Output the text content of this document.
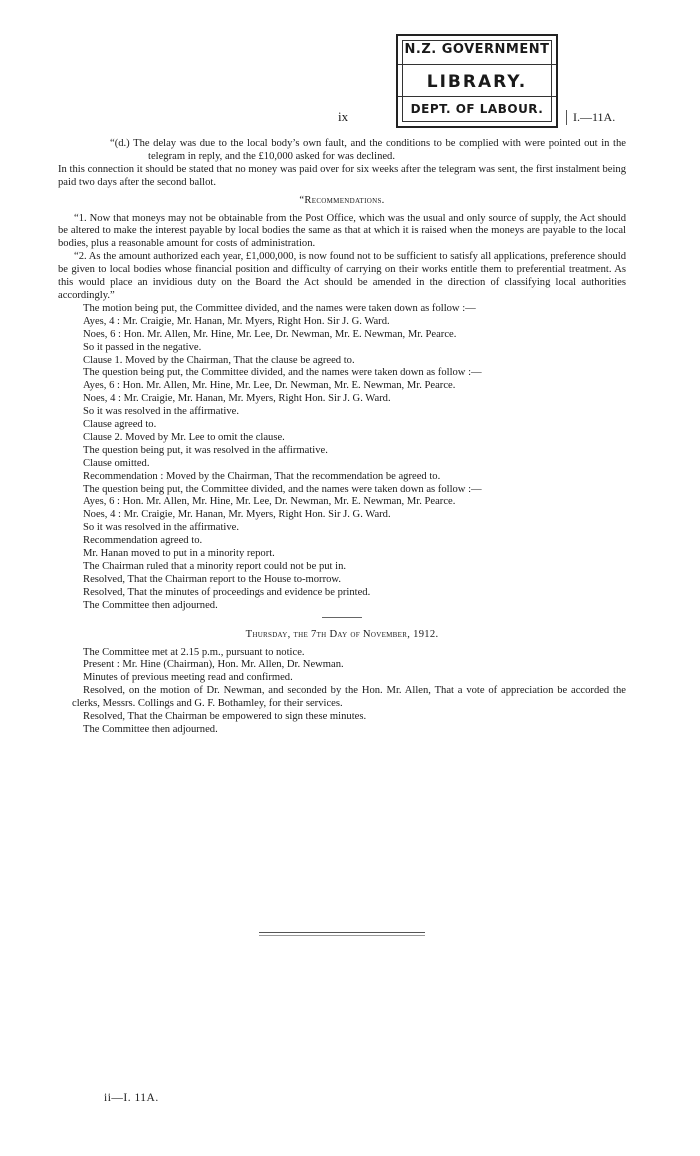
N.Z. GOVERNMENT
LIBRARY.
DEPT. OF LABOUR.
ix	I.—11A.

“(d.) The delay was due to the local body’s own fault, and the conditions to be complied with were pointed out in the telegram in reply, and the £10,000 asked for was declined.

In this connection it should be stated that no money was paid over for six weeks after the telegram was sent, the first instalment being paid two days after the second ballot.

“Recommendations.

“1. Now that moneys may not be obtainable from the Post Office, which was the usual and only source of supply, the Act should be altered to make the interest payable by local bodies the same as that at which it is raised when the moneys are payable to the local bodies, plus a reasonable amount for costs of administration.

“2. As the amount authorized each year, £1,000,000, is now found not to be sufficient to satisfy all applications, preference should be given to local bodies whose financial position and difficulty of carrying on their works entitle them to preferential treatment. As this would place an invidious duty on the Board the Act should be amended in the direction of classifying local authorities accordingly.”

The motion being put, the Committee divided, and the names were taken down as follow :—

Ayes, 4 : Mr. Craigie, Mr. Hanan, Mr. Myers, Right Hon. Sir J. G. Ward.

Noes, 6 : Hon. Mr. Allen, Mr. Hine, Mr. Lee, Dr. Newman, Mr. E. Newman, Mr. Pearce.

So it passed in the negative.

Clause 1. Moved by the Chairman, That the clause be agreed to.

The question being put, the Committee divided, and the names were taken down as follow :—

Ayes, 6 : Hon. Mr. Allen, Mr. Hine, Mr. Lee, Dr. Newman, Mr. E. Newman, Mr. Pearce.

Noes, 4 : Mr. Craigie, Mr. Hanan, Mr. Myers, Right Hon. Sir J. G. Ward.

So it was resolved in the affirmative.

Clause agreed to.

Clause 2. Moved by Mr. Lee to omit the clause.

The question being put, it was resolved in the affirmative.

Clause omitted.

Recommendation : Moved by the Chairman, That the recommendation be agreed to.

The question being put, the Committee divided, and the names were taken down as follow :—

Ayes, 6 : Hon. Mr. Allen, Mr. Hine, Mr. Lee, Dr. Newman, Mr. E. Newman, Mr. Pearce.

Noes, 4 : Mr. Craigie, Mr. Hanan, Mr. Myers, Right Hon. Sir J. G. Ward.

So it was resolved in the affirmative.

Recommendation agreed to.

Mr. Hanan moved to put in a minority report.

The Chairman ruled that a minority report could not be put in.

Resolved, That the Chairman report to the House to-morrow.

Resolved, That the minutes of proceedings and evidence be printed.

The Committee then adjourned.

Thursday, the 7th Day of November, 1912.

The Committee met at 2.15 p.m., pursuant to notice.

Present : Mr. Hine (Chairman), Hon. Mr. Allen, Dr. Newman.

Minutes of previous meeting read and confirmed.

Resolved, on the motion of Dr. Newman, and seconded by the Hon. Mr. Allen, That a vote of appreciation be accorded the clerks, Messrs. Collings and G. F. Bothamley, for their services.

Resolved, That the Chairman be empowered to sign these minutes.

The Committee then adjourned.

ii—I. 11A.
